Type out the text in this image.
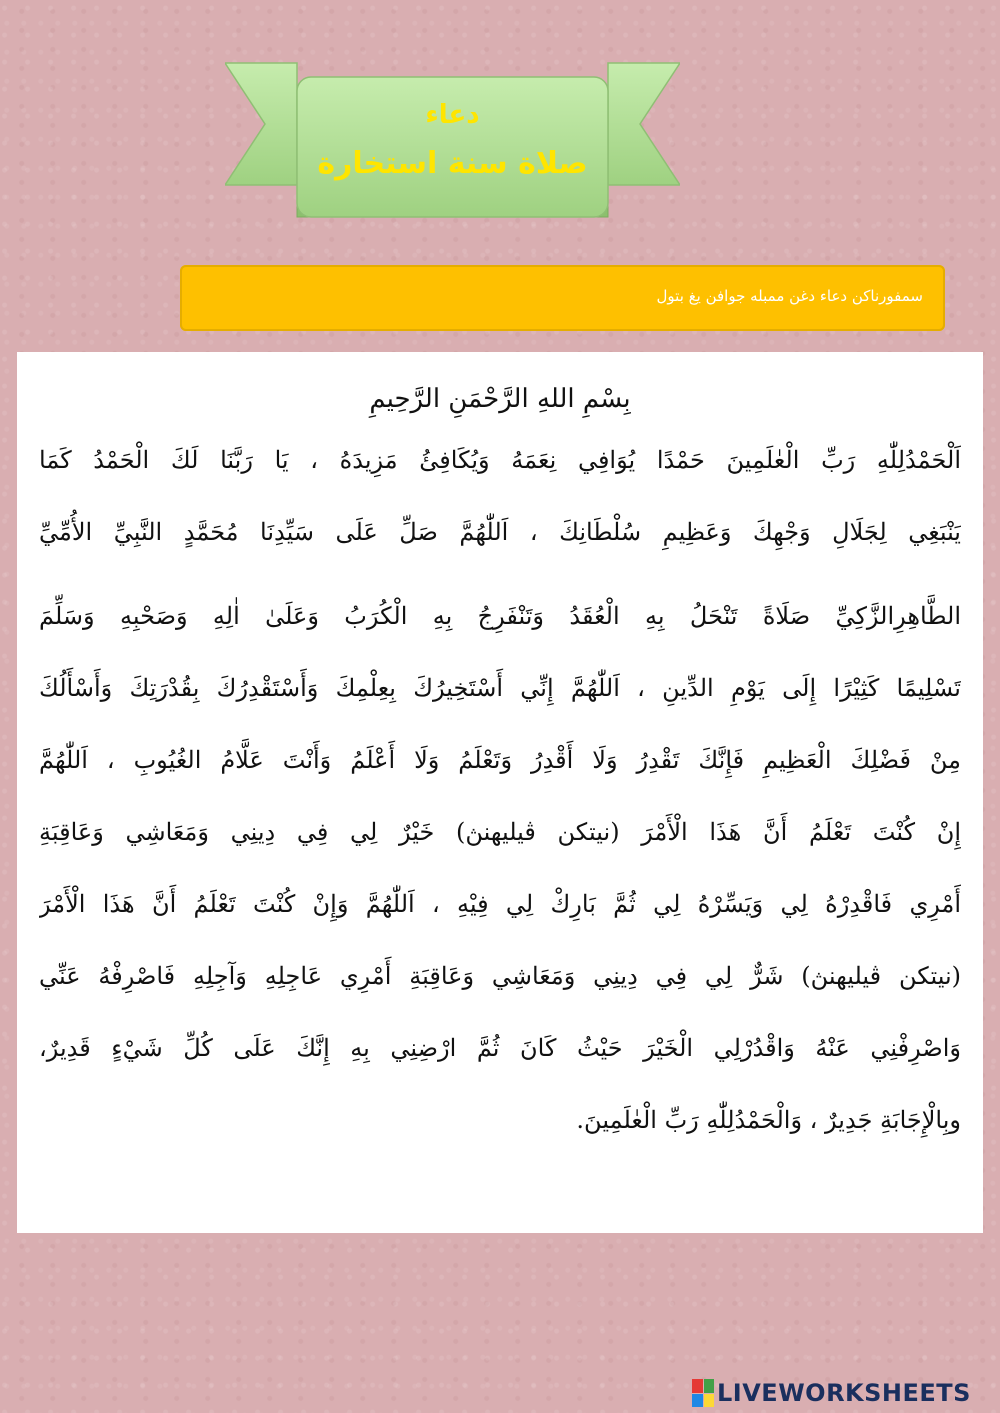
دعاء
صلاة سنة استخارة
سمفورناكن دعاء دغن ممبله جوافن يغ بتول

بِسْمِ اللهِ الرَّحْمَنِ الرَّحِيمِ

اَلْحَمْدُلِلّٰهِ رَبِّ الْعٰلَمِينَ حَمْدًا يُوَافِي نِعَمَهُ وَيُكَافِئُ مَزِيدَهُ ، يَا رَبَّنَا لَكَ الْحَمْدُ كَمَا

يَنْبَغِي لِجَلَالِ وَجْهِكَ وَعَظِيمِ سُلْطَانِكَ ، اَللّٰهُمَّ صَلِّ عَلَى سَيِّدِنَا مُحَمَّدٍ النَّبِيِّ الأُمِّيِّ

الطَّاهِرِالزَّكِيِّ صَلَاةً تَنْحَلُ بِهِ الْعُقَدُ وَتَنْفَرِجُ بِهِ الْكُرَبُ وَعَلَىٰ اٰلِهِ وَصَحْبِهِ وَسَلِّمَ

تَسْلِيمًا كَثِيْرًا إِلَى يَوْمِ الدِّينِ ، اَللّٰهُمَّ إِنِّي أَسْتَخِيرُكَ بِعِلْمِكَ وَأَسْتَقْدِرُكَ بِقُدْرَتِكَ وَأَسْأَلُكَ

مِنْ فَضْلِكَ الْعَظِيمِ فَإِنَّكَ تَقْدِرُ وَلَا أَقْدِرُ وَتَعْلَمُ وَلَا أَعْلَمُ وَأَنْتَ عَلَّامُ الغُيُوبِ ، اَللّٰهُمَّ

إِنْ كُنْتَ تَعْلَمُ أَنَّ هَذَا الْأَمْرَ (نيتكن ڤيليهنڽ) خَيْرٌ لِي فِي دِينِي وَمَعَاشِي وَعَاقِبَةِ

أَمْرِي فَاقْدِرْهُ لِي وَيَسِّرْهُ لِي ثُمَّ بَارِكْ لِي فِيْهِ ، اَللّٰهُمَّ وَإِنْ كُنْتَ تَعْلَمُ أَنَّ هَذَا الْأَمْرَ

(نيتكن ڤيليهنڽ) شَرٌّ لِي فِي دِينِي وَمَعَاشِي وَعَاقِبَةِ أَمْرِي عَاجِلِهِ وَآجِلِهِ فَاصْرِفْهُ عَنِّي

وَاصْرِفْنِي عَنْهُ وَاقْدُرْلِي الْخَيْرَ حَيْثُ كَانَ ثُمَّ ارْضِنِي بِهِ إِنَّكَ عَلَى كُلِّ شَيْءٍ قَدِيرٌ،

وبِالْإِجَابَةِ جَدِيرٌ ، وَالْحَمْدُلِلّٰهِ رَبِّ الْعٰلَمِينَ.

LIVEWORKSHEETS
